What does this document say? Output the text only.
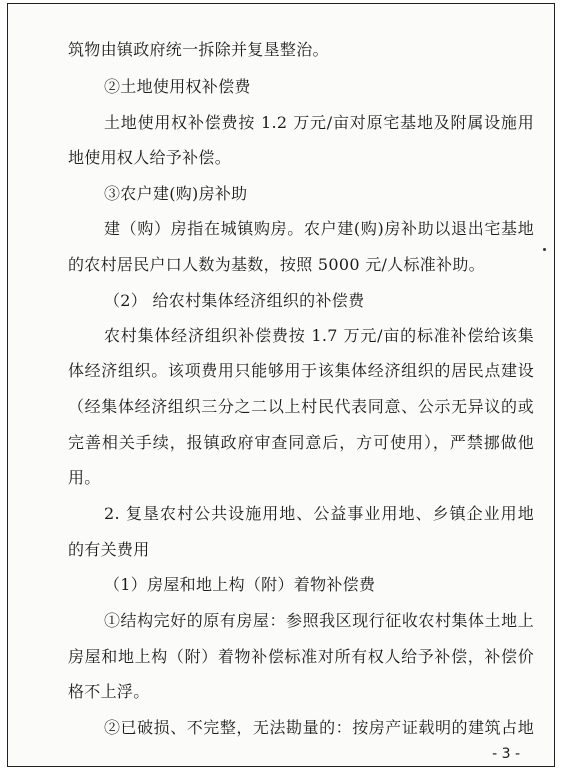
筑物由镇政府统一拆除并复垦整治。
②土地使用权补偿费
土地使用权补偿费按 1.2 万元/亩对原宅基地及附属设施用
地使用权人给予补偿。
③农户建(购)房补助
建（购）房指在城镇购房。农户建(购)房补助以退出宅基地
的农村居民户口人数为基数，按照 5000 元/人标准补助。
（2） 给农村集体经济组织的补偿费
农村集体经济组织补偿费按 1.7 万元/亩的标准补偿给该集
体经济组织。该项费用只能够用于该集体经济组织的居民点建设
（经集体经济组织三分之二以上村民代表同意、公示无异议的或
完善相关手续，报镇政府审查同意后，方可使用），严禁挪做他
用。
2. 复垦农村公共设施用地、公益事业用地、乡镇企业用地
的有关费用
（1）房屋和地上构（附）着物补偿费
①结构完好的原有房屋：参照我区现行征收农村集体土地上
房屋和地上构（附）着物补偿标准对所有权人给予补偿，补偿价
格不上浮。
②已破损、不完整，无法勘量的：按房产证载明的建筑占地
- 3 -
